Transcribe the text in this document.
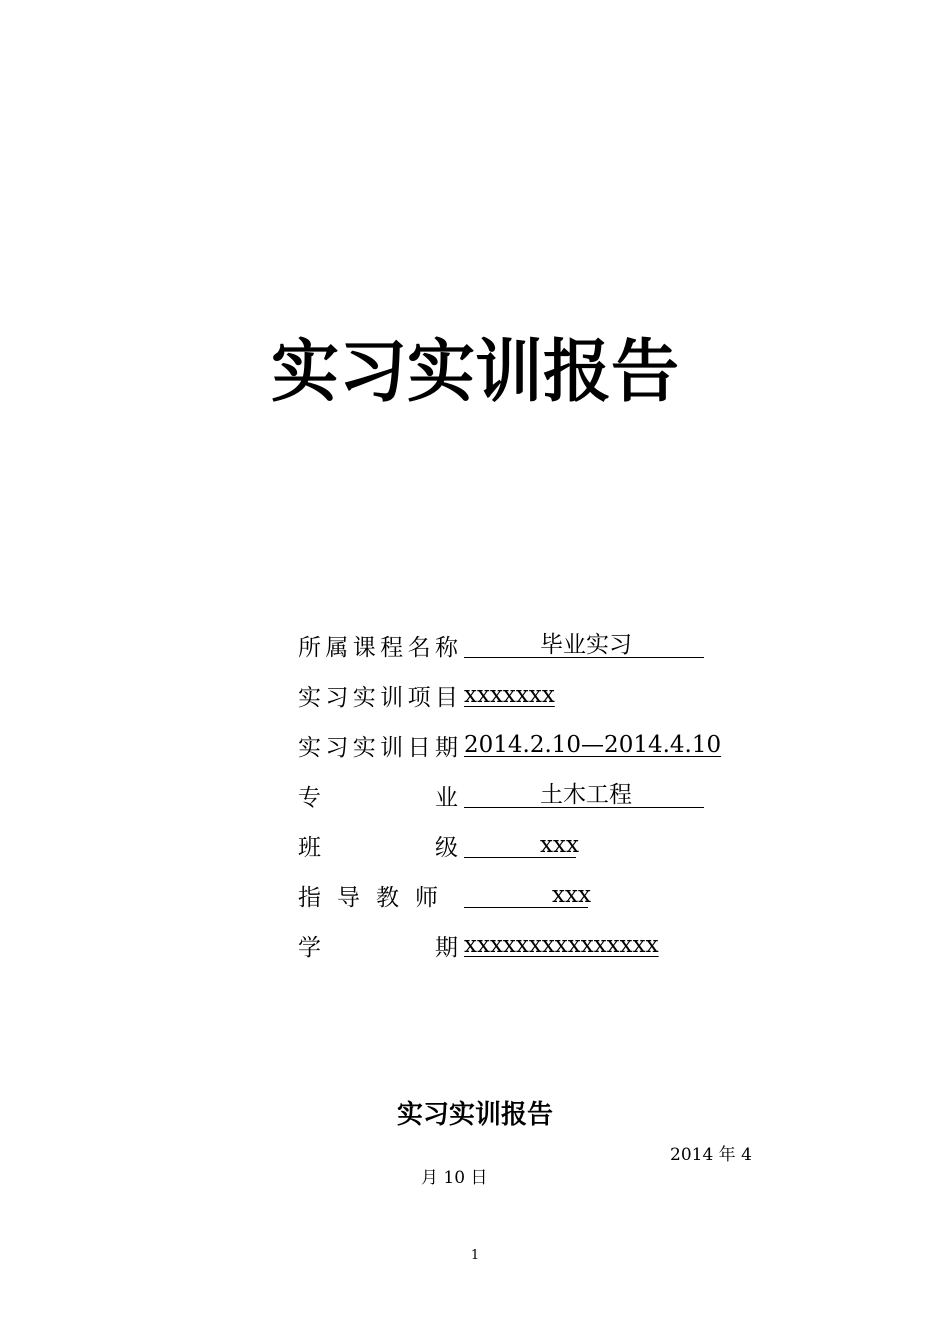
实习实训报告
所 属 课 程 名 称	毕业实习
实 习 实 训 项 目 xxxxxxx
实 习 实 训 日 期 2014.2.10—2014.4.10
专	业	土木工程
班	级	xxx
指 导 教 师	xxx
学	期 xxxxxxxxxxxxxxx
实习实训报告
2014 年 4
月 10 日
1
